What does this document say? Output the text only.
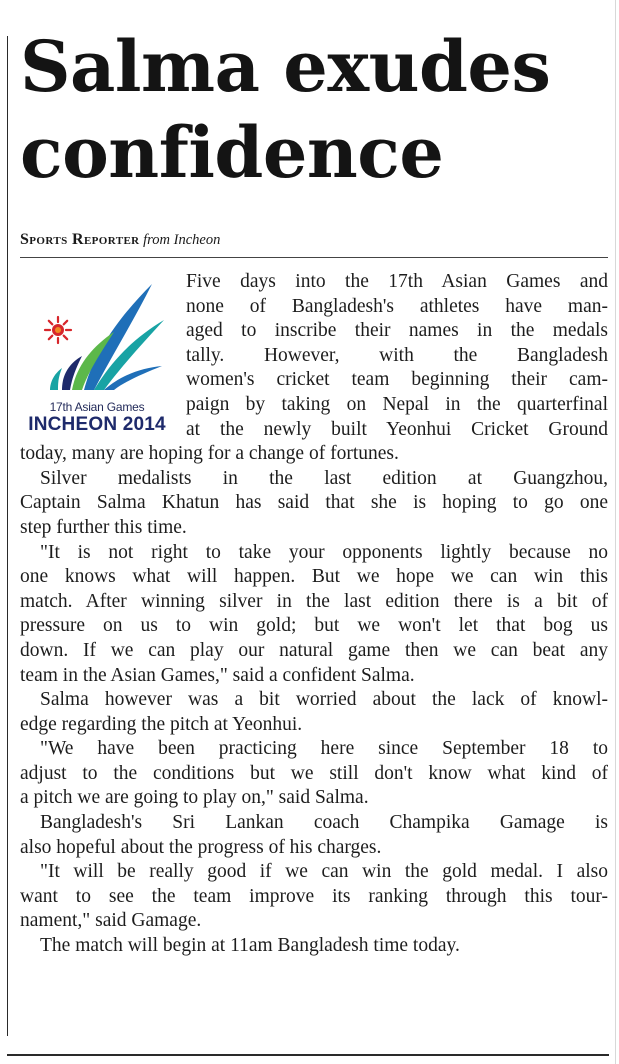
Salma exudes
confidence
Sports Reporter from Incheon
17th Asian Games
INCHEON 2014
Five days into the 17th Asian Games and
none of Bangladesh's athletes have man-
aged to inscribe their names in the medals
tally. However, with the Bangladesh
women's cricket team beginning their cam-
paign by taking on Nepal in the quarterfinal
at the newly built Yeonhui Cricket Ground
today, many are hoping for a change of fortunes.
Silver medalists in the last edition at Guangzhou,
Captain Salma Khatun has said that she is hoping to go one
step further this time.
"It is not right to take your opponents lightly because no
one knows what will happen. But we hope we can win this
match. After winning silver in the last edition there is a bit of
pressure on us to win gold; but we won't let that bog us
down. If we can play our natural game then we can beat any
team in the Asian Games," said a confident Salma.
Salma however was a bit worried about the lack of knowl-
edge regarding the pitch at Yeonhui.
"We have been practicing here since September 18 to
adjust to the conditions but we still don't know what kind of
a pitch we are going to play on," said Salma.
Bangladesh's Sri Lankan coach Champika Gamage is
also hopeful about the progress of his charges.
"It will be really good if we can win the gold medal. I also
want to see the team improve its ranking through this tour-
nament," said Gamage.
The match will begin at 11am Bangladesh time today.
